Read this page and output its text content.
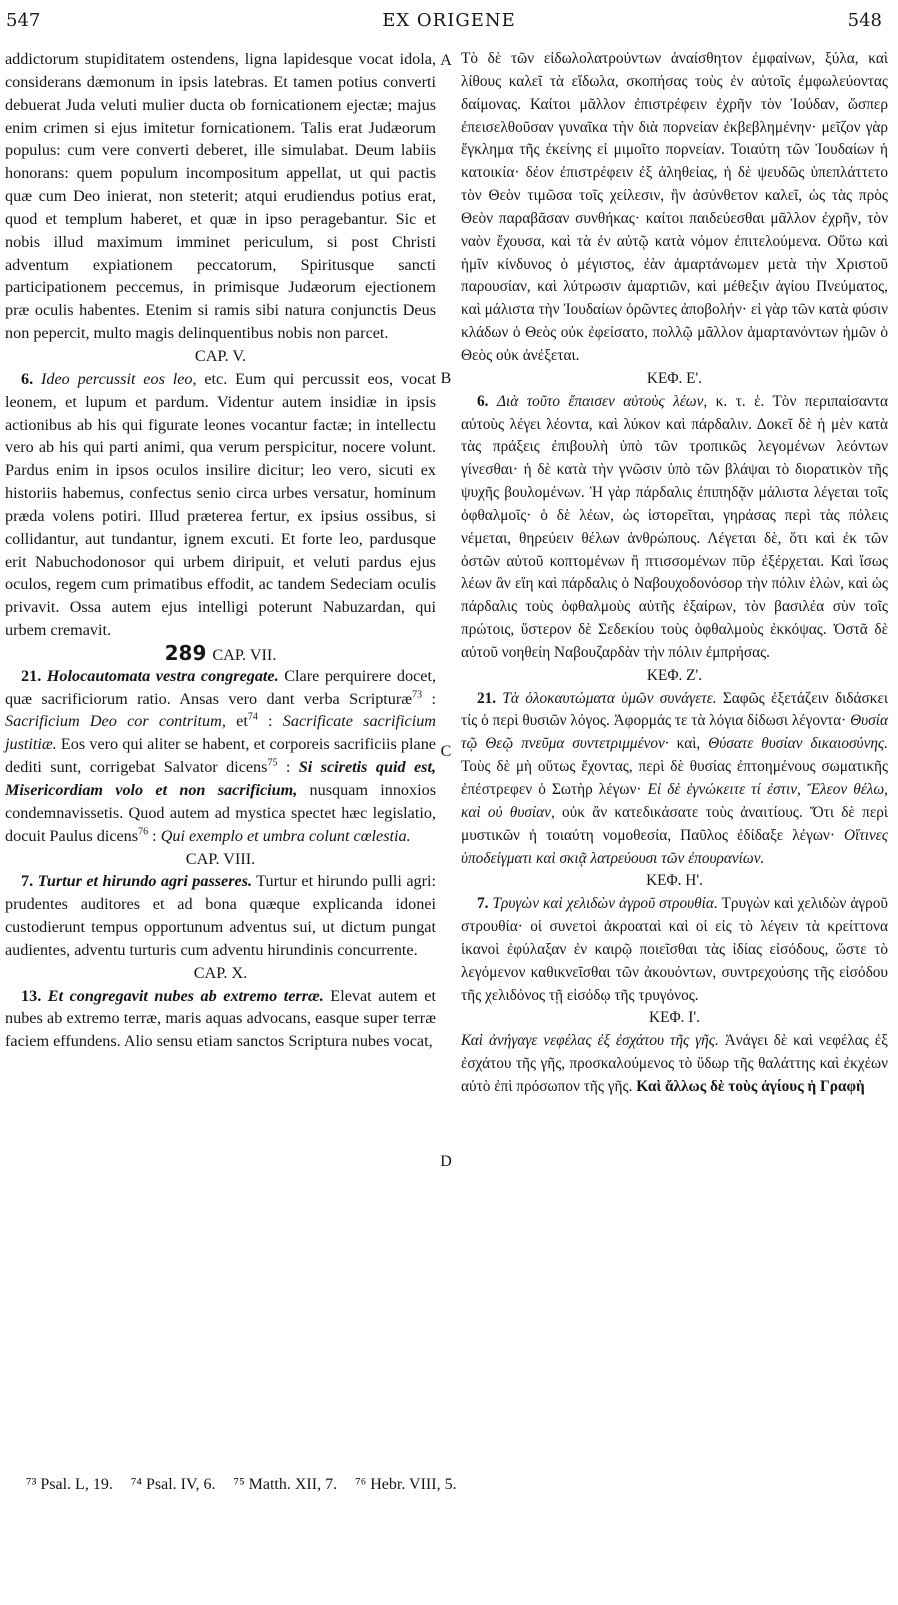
547	EX ORIGENE	548
A
B
C
D

addictorum stupiditatem ostendens, ligna lapidesque vocat idola, considerans dæmonum in ipsis latebras. Et tamen potius converti debuerat Juda veluti mulier ducta ob fornicationem ejectæ; majus enim crimen si ejus imitetur fornicationem. Talis erat Judæorum populus: cum vere converti deberet, ille simulabat. Deum labiis honorans: quem populum incompositum appellat, ut qui pactis quæ cum Deo inierat, non steterit; atqui erudiendus potius erat, quod et templum haberet, et quæ in ipso peragebantur. Sic et nobis illud maximum imminet periculum, si post Christi adventum expiationem peccatorum, Spiritusque sancti participationem peccemus, in primisque Judæorum ejectionem præ oculis habentes. Etenim si ramis sibi natura conjunctis Deus non pepercit, multo magis delinquentibus nobis non parcet.

CAP. V.

6. Ideo percussit eos leo, etc. Eum qui percussit eos, vocat leonem, et lupum et pardum. Videntur autem insidiæ in ipsis actionibus ab his qui figurate leones vocantur factæ; in intellectu vero ab his qui parti animi, qua verum perspicitur, nocere volunt. Pardus enim in ipsos oculos insilire dicitur; leo vero, sicuti ex historiis habemus, confectus senio circa urbes versatur, hominum præda volens potiri. Illud præterea fertur, ex ipsius ossibus, si collidantur, aut tundantur, ignem excuti. Et forte leo, pardusque erit Nabuchodonosor qui urbem diripuit, et veluti pardus ejus oculos, regem cum primatibus effodit, ac tandem Sedeciam oculis privavit. Ossa autem ejus intelligi poterunt Nabuzardan, qui urbem cremavit.

289 CAP. VII.

21. Holocautomata vestra congregate. Clare perquirere docet, quæ sacrificiorum ratio. Ansas vero dant verba Scripturæ$^{73}$ : Sacrificium Deo cor contritum, $et^{74}$ : Sacrificate sacrificium justitiæ. Eos vero qui aliter se habent, et corporeis sacrificiis plane dediti sunt, corrigebat Salvator dicens$^{75}$ : Si sciretis quid est, Misericordiam volo et non sacrificium, nusquam innoxios condemnavissetis. Quod autem ad mystica spectet hæc legislatio, docuit Paulus dicens$^{76}$ : Qui exemplo et umbra colunt cœlestia.

CAP. VIII.

7. Turtur et hirundo agri passeres. Turtur et hirundo pulli agri: prudentes auditores et ad bona quæque explicanda idonei custodierunt tempus opportunum adventus sui, ut dictum pungat audientes, adventu turturis cum adventu hirundinis concurrente.

CAP. X.

13. Et congregavit nubes ab extremo terræ. Elevat autem et nubes ab extremo terræ, maris aquas advocans, easque super terræ faciem effundens. Alio sensu etiam sanctos Scriptura nubes vocat,

Τὸ δὲ τῶν εἰδωλολατρούντων ἀναίσθητον ἐμφαίνων, ξύλα, καὶ λίθους καλεῖ τὰ εἴδωλα, σκοπήσας τοὺς ἐν αὐτοῖς ἐμφωλεύοντας δαίμονας. Καίτοι μᾶλλον ἐπιστρέφειν ἐχρῆν τὸν Ἰούδαν, ὥσπερ ἐπεισελθοῦσαν γυναῖκα τὴν διὰ πορνείαν ἐκβεβλημένην· μεῖζον γὰρ ἔγκλημα τῆς ἐκείνης εἰ μιμοῖτο πορνείαν. Τοιαύτη τῶν Ἰουδαίων ἡ κατοικία· δέον ἐπιστρέφειν ἐξ ἀληθείας, ἡ δὲ ψευδῶς ὑπεπλάττετο τὸν Θεὸν τιμῶσα τοῖς χείλεσιν, ἣν ἀσύνθετον καλεῖ, ὡς τὰς πρὸς Θεὸν παραβᾶσαν συνθήκας· καίτοι παιδεύεσθαι μᾶλλον ἐχρῆν, τὸν ναὸν ἔχουσα, καὶ τὰ ἐν αὐτῷ κατὰ νόμον ἐπιτελούμενα. Οὕτω καὶ ἡμῖν κίνδυνος ὁ μέγιστος, ἐὰν ἁμαρτάνωμεν μετὰ τὴν Χριστοῦ παρουσίαν, καὶ λύτρωσιν ἁμαρτιῶν, καὶ μέθεξιν ἁγίου Πνεύματος, καὶ μάλιστα τὴν Ἰουδαίων ὁρῶντες ἀποβολήν· εἰ γὰρ τῶν κατὰ φύσιν κλάδων ὁ Θεὸς οὐκ ἐφείσατο, πολλῷ μᾶλλον ἁμαρτανόντων ἡμῶν ὁ Θεὸς οὐκ ἀνέξεται.

ΚΕΦ. Ε'.

6. Διὰ τοῦτο ἔπαισεν αὐτοὺς λέων, κ. τ. ἑ. Τὸν περιπαίσαντα αὐτοὺς λέγει λέοντα, καὶ λύκον καὶ πάρδαλιν. Δοκεῖ δὲ ἡ μὲν κατὰ τὰς πράξεις ἐπιβουλὴ ὑπὸ τῶν τροπικῶς λεγομένων λεόντων γίνεσθαι· ἡ δὲ κατὰ τὴν γνῶσιν ὑπὸ τῶν βλάψαι τὸ διορατικὸν τῆς ψυχῆς βουλομένων. Ἡ γὰρ πάρδαλις ἐπιπηδᾷν μάλιστα λέγεται τοῖς ὀφθαλμοῖς· ὁ δὲ λέων, ὡς ἱστορεῖται, γηράσας περὶ τὰς πόλεις νέμεται, θηρεύειν θέλων ἀνθρώπους. Λέγεται δὲ, ὅτι καὶ ἐκ τῶν ὀστῶν αὐτοῦ κοπτομένων ἢ πτισσομένων πῦρ ἐξέρχεται. Καὶ ἴσως λέων ἂν εἴη καὶ πάρδαλις ὁ Ναβουχοδονόσορ τὴν πόλιν ἑλὼν, καὶ ὡς πάρδαλις τοὺς ὀφθαλμοὺς αὐτῆς ἐξαίρων, τὸν βασιλέα σὺν τοῖς πρώτοις, ὕστερον δὲ Σεδεκίου τοὺς ὀφθαλμοὺς ἐκκόψας. Ὀστᾶ δὲ αὐτοῦ νοηθείη Ναβουζαρδὰν τὴν πόλιν ἐμπρήσας.

ΚΕΦ. Ζ'.

21. Τὰ ὁλοκαυτώματα ὑμῶν συνάγετε. Σαφῶς ἐξετάζειν διδάσκει τίς ὁ περὶ θυσιῶν λόγος. Ἀφορμάς τε τὰ λόγια δίδωσι λέγοντα· Θυσία τῷ Θεῷ πνεῦμα συντετριμμένον· καὶ, Θύσατε θυσίαν δικαιοσύνης. Τοὺς δὲ μὴ οὕτως ἔχοντας, περὶ δὲ θυσίας ἐπτοημένους σωματικῆς ἐπέστρεφεν ὁ Σωτὴρ λέγων· Εἰ δὲ ἐγνώκειτε τί ἐστιν, Ἔλεον θέλω, καὶ οὐ θυσίαν, οὐκ ἂν κατεδικάσατε τοὺς ἀναιτίους. Ὅτι δὲ περὶ μυστικῶν ἡ τοιαύτη νομοθεσία, Παῦλος ἐδίδαξε λέγων· Οἵτινες ὑποδείγματι καὶ σκιᾷ λατρεύουσι τῶν ἐπουρανίων.

ΚΕΦ. Η'.

7. Τρυγὼν καὶ χελιδὼν ἀγροῦ στρουθία. Τρυγὼν καὶ χελιδὼν ἀγροῦ στρουθία· οἱ συνετοὶ ἀκροαταὶ καὶ οἱ εἰς τὸ λέγειν τὰ κρείττονα ἱκανοὶ ἐφύλαξαν ἐν καιρῷ ποιεῖσθαι τὰς ἰδίας εἰσόδους, ὥστε τὸ λεγόμενον καθικνεῖσθαι τῶν ἀκουόντων, συντρεχούσης τῆς εἰσόδου τῆς χελιδόνος τῇ εἰσόδῳ τῆς τρυγόνος.

ΚΕΦ. Ι'.

Καὶ ἀνήγαγε νεφέλας ἐξ ἐσχάτου τῆς γῆς. Ἀνάγει δὲ καὶ νεφέλας ἐξ ἐσχάτου τῆς γῆς, προσκαλούμενος τὸ ὕδωρ τῆς θαλάττης καὶ ἐκχέων αὐτὸ ἐπὶ πρόσωπον τῆς γῆς. Καὶ ἄλλως δὲ τοὺς ἁγίους ἡ Γραφὴ

⁷³ Psal. L, 19. ⁷⁴ Psal. IV, 6. ⁷⁵ Matth. XII, 7. ⁷⁶ Hebr. VIII, 5.
